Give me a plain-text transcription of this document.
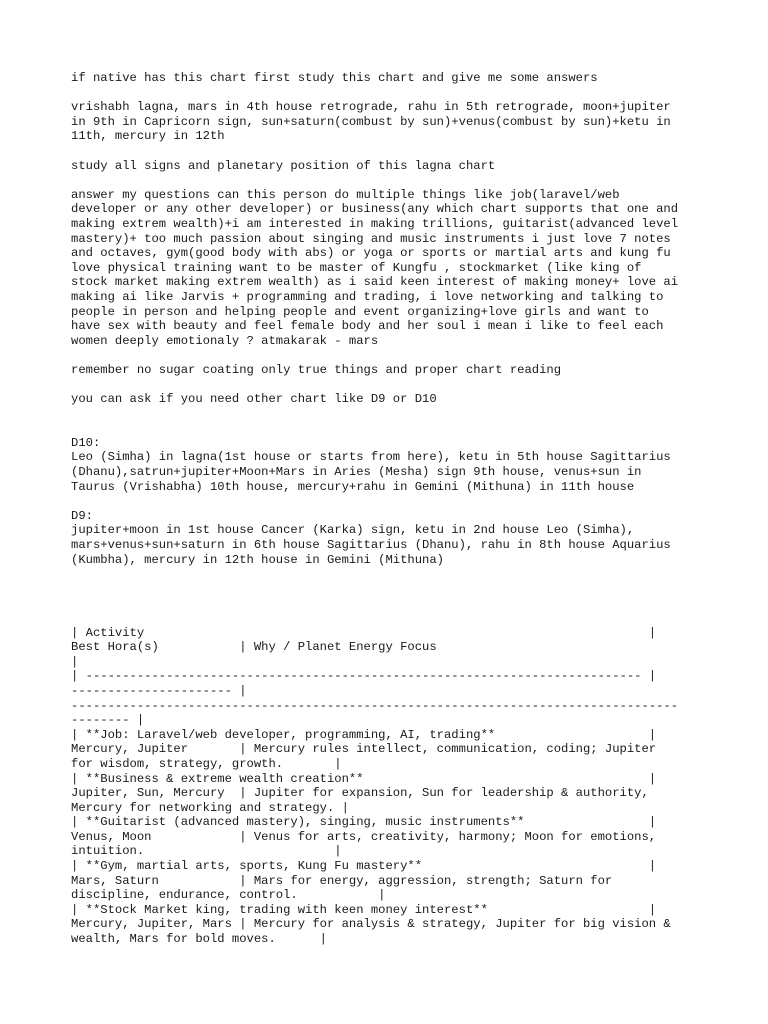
if native has this chart first study this chart and give me some answers

vrishabh lagna, mars in 4th house retrograde, rahu in 5th retrograde, moon+jupiter

in 9th in Capricorn sign, sun+saturn(combust by sun)+venus(combust by sun)+ketu in

11th, mercury in 12th

study all signs and planetary position of this lagna chart

answer my questions can this person do multiple things like job(laravel/web

developer or any other developer) or business(any which chart supports that one and

making extrem wealth)+i am interested in making trillions, guitarist(advanced level

mastery)+ too much passion about singing and music instruments i just love 7 notes

and octaves, gym(good body with abs) or yoga or sports or martial arts and kung fu

love physical training want to be master of Kungfu , stockmarket (like king of

stock market making extrem wealth) as i said keen interest of making money+ love ai

making ai like Jarvis + programming and trading, i love networking and talking to

people in person and helping people and event organizing+love girls and want to

have sex with beauty and feel female body and her soul i mean i like to feel each

women deeply emotionaly ? atmakarak - mars

remember no sugar coating only true things and proper chart reading

you can ask if you need other chart like D9 or D10

D10:

Leo (Simha) in lagna(1st house or starts from here), ketu in 5th house Sagittarius

(Dhanu),satrun+jupiter+Moon+Mars in Aries (Mesha) sign 9th house, venus+sun in

Taurus (Vrishabha) 10th house, mercury+rahu in Gemini (Mithuna) in 11th house

D9:

jupiter+moon in 1st house Cancer (Karka) sign, ketu in 2nd house Leo (Simha),

mars+venus+sun+saturn in 6th house Sagittarius (Dhanu), rahu in 8th house Aquarius

(Kumbha), mercury in 12th house in Gemini (Mithuna)

| Activity                                                                     |

Best Hora(s)           | Why / Planet Energy Focus

|

| ---------------------------------------------------------------------------- |

---------------------- |

-----------------------------------------------------------------------------------

-------- |

| **Job: Laravel/web developer, programming, AI, trading**                     |

Mercury, Jupiter       | Mercury rules intellect, communication, coding; Jupiter

for wisdom, strategy, growth.       |

| **Business & extreme wealth creation**                                       |

Jupiter, Sun, Mercury  | Jupiter for expansion, Sun for leadership & authority,

Mercury for networking and strategy. |

| **Guitarist (advanced mastery), singing, music instruments**                 |

Venus, Moon            | Venus for arts, creativity, harmony; Moon for emotions,

intuition.                          |

| **Gym, martial arts, sports, Kung Fu mastery**                               |

Mars, Saturn           | Mars for energy, aggression, strength; Saturn for

discipline, endurance, control.           |

| **Stock Market king, trading with keen money interest**                      |

Mercury, Jupiter, Mars | Mercury for analysis & strategy, Jupiter for big vision &

wealth, Mars for bold moves.      |
